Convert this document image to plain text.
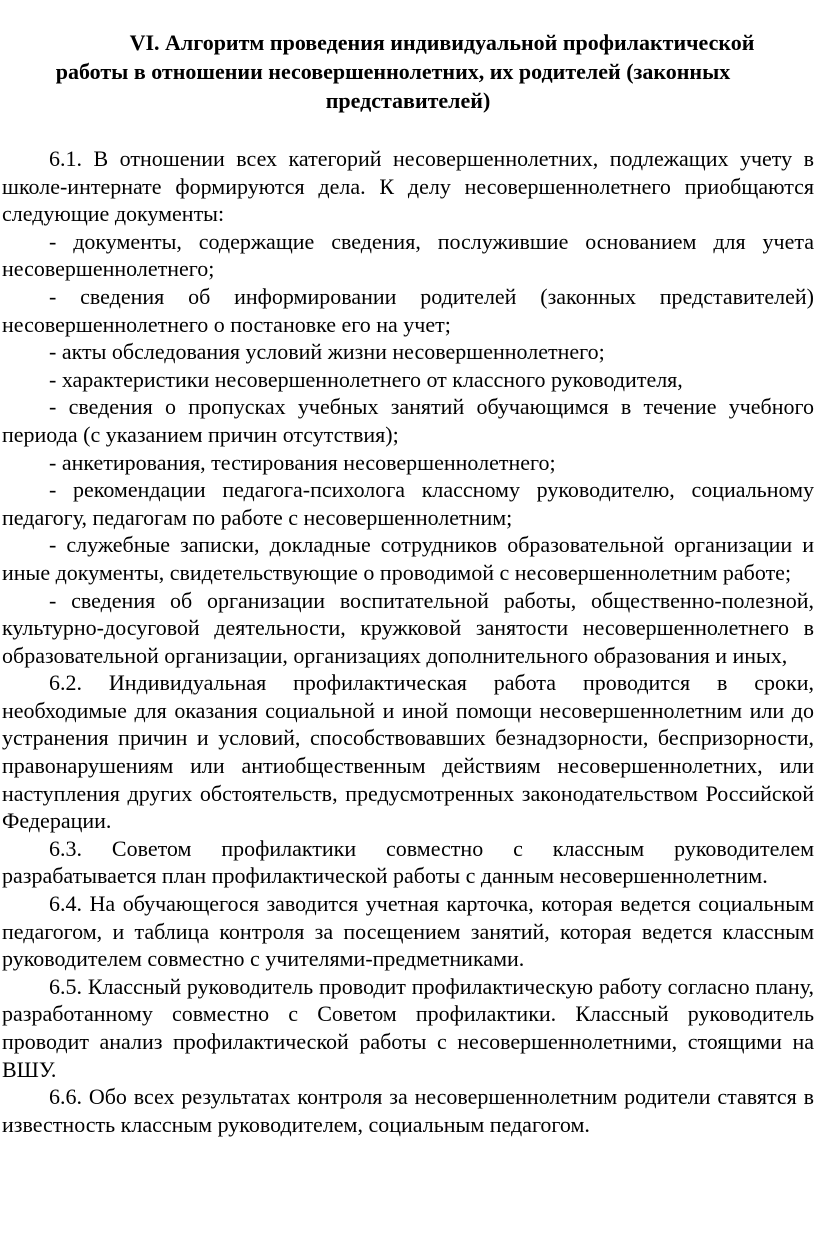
VI. Алгоритм проведения индивидуальной профилактической
работы в отношении несовершеннолетних, их родителей (законных
представителей)

6.1. В отношении всех категорий несовершеннолетних, подлежащих учету в школе-интернате формируются дела. К делу несовершеннолетнего приобщаются следующие документы:

- документы, содержащие сведения, послужившие основанием для учета несовершеннолетнего;

- сведения об информировании родителей (законных представителей) несовершеннолетнего о постановке его на учет;

- акты обследования условий жизни несовершеннолетнего;

- характеристики несовершеннолетнего от классного руководителя,

- сведения о пропусках учебных занятий обучающимся в течение учебного периода (с указанием причин отсутствия);

- анкетирования, тестирования несовершеннолетнего;

- рекомендации педагога-психолога классному руководителю, социальному педагогу, педагогам по работе с несовершеннолетним;

- служебные записки, докладные сотрудников образовательной организации и иные документы, свидетельствующие о проводимой с несовершеннолетним работе;

- сведения об организации воспитательной работы, общественно-полезной, культурно-досуговой деятельности, кружковой занятости несовершеннолетнего в образовательной организации, организациях дополнительного образования и иных,

6.2. Индивидуальная профилактическая работа проводится в сроки, необходимые для оказания социальной и иной помощи несовершеннолетним или до устранения причин и условий, способствовавших безнадзорности, беспризорности, правонарушениям или антиобщественным действиям несовершеннолетних, или наступления других обстоятельств, предусмотренных законодательством Российской Федерации.

6.3. Советом профилактики совместно с классным руководителем разрабатывается план профилактической работы с данным несовершеннолетним.

6.4. На обучающегося заводится учетная карточка, которая ведется социальным педагогом, и таблица контроля за посещением занятий, которая ведется классным руководителем совместно с учителями-предметниками.

6.5. Классный руководитель проводит профилактическую работу согласно плану, разработанному совместно с Советом профилактики. Классный руководитель проводит анализ профилактической работы с несовершеннолетними, стоящими на ВШУ.

6.6. Обо всех результатах контроля за несовершеннолетним родители ставятся в известность классным руководителем, социальным педагогом.
